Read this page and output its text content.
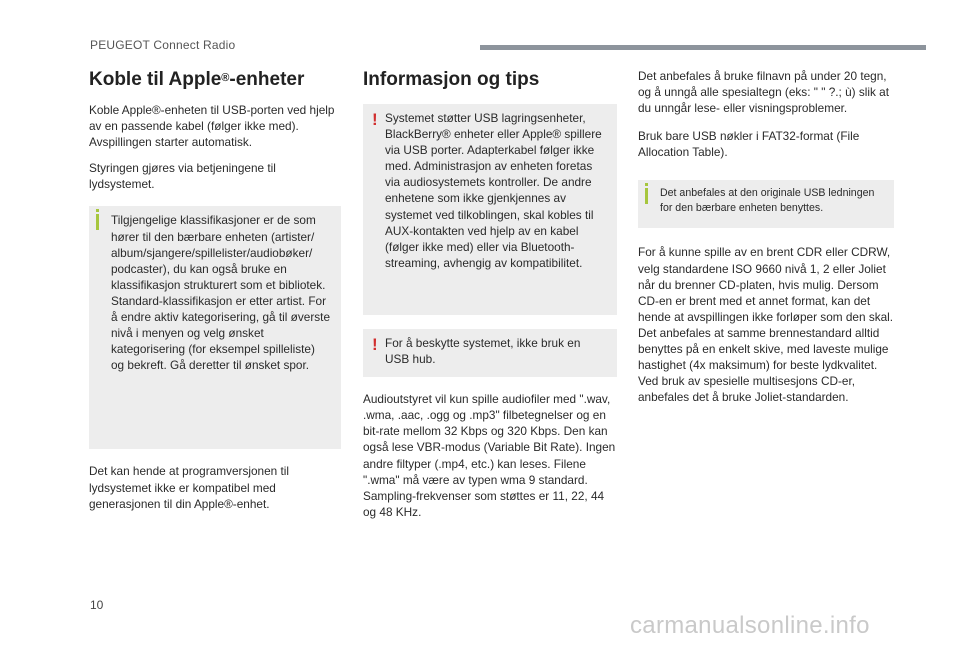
PEUGEOT Connect Radio
Koble til Apple®-enheter

Koble Apple®-enheten til USB-porten ved hjelp av en passende kabel (følger ikke med). Avspillingen starter automatisk.

Styringen gjøres via betjeningene til lydsystemet.

Tilgjengelige klassifikasjoner er de som hører til den bærbare enheten (artister/ album/sjangere/spillelister/audiobøker/ podcaster), du kan også bruke en klassifikasjon strukturert som et bibliotek. Standard-klassifikasjon er etter artist. For å endre aktiv kategorisering, gå til øverste nivå i menyen og velg ønsket kategorisering (for eksempel spilleliste) og bekreft. Gå deretter til ønsket spor.

Det kan hende at programversjonen til lydsystemet ikke er kompatibel med generasjonen til din Apple®-enhet.

Informasjon og tips
! Systemet støtter USB lagringsenheter, BlackBerry® enheter eller Apple® spillere via USB porter. Adapterkabel følger ikke med. Administrasjon av enheten foretas via audiosystemets kontroller. De andre enhetene som ikke gjenkjennes av systemet ved tilkoblingen, skal kobles til AUX-kontakten ved hjelp av en kabel (følger ikke med) eller via Bluetooth-streaming, avhengig av kompatibilitet.

! For å beskytte systemet, ikke bruk en USB hub.

Audioutstyret vil kun spille audiofiler med ".wav, .wma, .aac, .ogg og .mp3" filbetegnelser og en bit-rate mellom 32 Kbps og 320 Kbps. Den kan også lese VBR-modus (Variable Bit Rate). Ingen andre filtyper (.mp4, etc.) kan leses. Filene ".wma" må være av typen wma 9 standard. Sampling-frekvenser som støttes er 11, 22, 44 og 48 KHz.

Det anbefales å bruke filnavn på under 20 tegn, og å unngå alle spesialtegn (eks: " " ?.; ù) slik at du unngår lese- eller visningsproblemer.

Bruk bare USB nøkler i FAT32-format (File Allocation Table).

Det anbefales at den originale USB ledningen for den bærbare enheten benyttes.

For å kunne spille av en brent CDR eller CDRW, velg standardene ISO 9660 nivå 1, 2 eller Joliet når du brenner CD-platen, hvis mulig. Dersom CD-en er brent med et annet format, kan det hende at avspillingen ikke forløper som den skal. Det anbefales at samme brennestandard alltid benyttes på en enkelt skive, med laveste mulige hastighet (4x maksimum) for beste lydkvalitet. Ved bruk av spesielle multisesjons CD-er, anbefales det å bruke Joliet-standarden.

10
carmanualsonline.info
